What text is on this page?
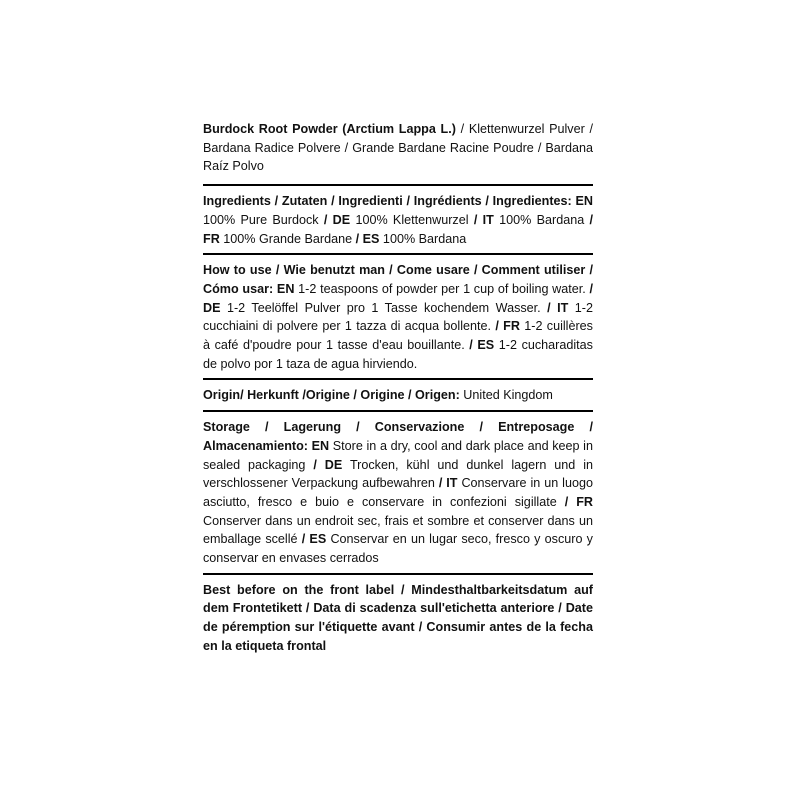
Burdock Root Powder (Arctium Lappa L.) / Klettenwurzel Pulver / Bardana Radice Polvere / Grande Bardane Racine Poudre / Bardana Raíz Polvo
Ingredients / Zutaten / Ingredienti / Ingrédients / Ingredientes: EN 100% Pure Burdock / DE 100% Klettenwurzel / IT 100% Bardana / FR 100% Grande Bardane / ES 100% Bardana
How to use / Wie benutzt man / Come usare / Comment utiliser / Cómo usar: EN 1-2 teaspoons of powder per 1 cup of boiling water. / DE 1-2 Teelöffel Pulver pro 1 Tasse kochendem Wasser. / IT 1-2 cucchiaini di polvere per 1 tazza di acqua bollente. / FR 1-2 cuillères à café d'poudre pour 1 tasse d'eau bouillante. / ES 1-2 cucharaditas de polvo por 1 taza de agua hirviendo.
Origin/ Herkunft /Origine / Origine / Origen: United Kingdom
Storage / Lagerung / Conservazione / Entreposage / Almacenamiento: EN Store in a dry, cool and dark place and keep in sealed packaging / DE Trocken, kühl und dunkel lagern und in verschlossener Verpackung aufbewahren / IT Conservare in un luogo asciutto, fresco e buio e conservare in confezioni sigillate / FR Conserver dans un endroit sec, frais et sombre et conserver dans un emballage scellé / ES Conservar en un lugar seco, fresco y oscuro y conservar en envases cerrados
Best before on the front label / Mindesthaltbarkeitsdatum auf dem Frontetikett / Data di scadenza sull'etichetta anteriore / Date de péremption sur l'étiquette avant / Consumir antes de la fecha en la etiqueta frontal
